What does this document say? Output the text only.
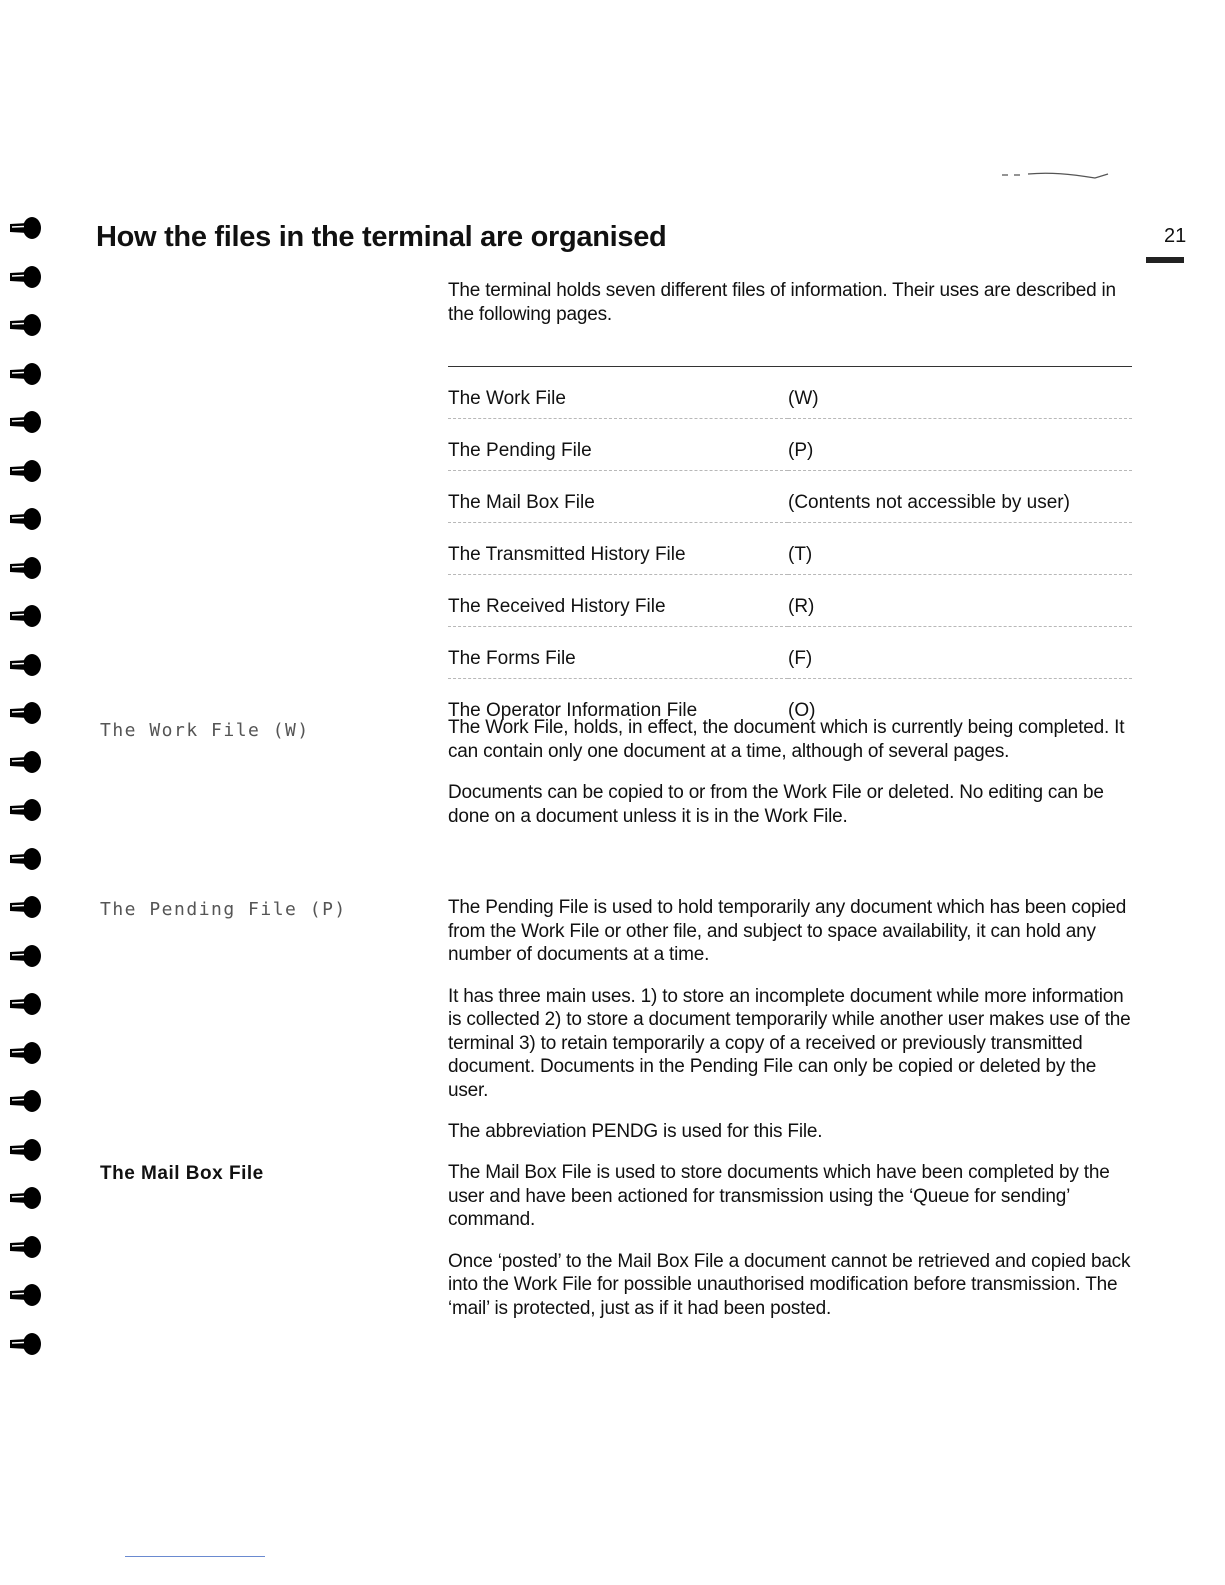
How the files in the terminal are organised	21

The terminal holds seven different files of information. Their uses are described in the following pages.

The Work File	(W)
The Pending File	(P)
The Mail Box File	(Contents not accessible by user)
The Transmitted History File	(T)
The Received History File	(R)
The Forms File	(F)
The Operator Information File	(O)
The Work File (W)	The Work File, holds, in effect, the document which is currently being completed. It can contain only one document at a time, although of several pages.

Documents can be copied to or from the Work File or deleted. No editing can be done on a document unless it is in the Work File.

The Pending File (P)	The Pending File is used to hold temporarily any document which has been copied from the Work File or other file, and subject to space availability, it can hold any number of documents at a time.

It has three main uses. 1) to store an incomplete document while more information is collected 2) to store a document temporarily while another user makes use of the terminal 3) to retain temporarily a copy of a received or previously transmitted document. Documents in the Pending File can only be copied or deleted by the user.

The abbreviation PENDG is used for this File.

The Mail Box File	The Mail Box File is used to store documents which have been completed by the user and have been actioned for transmission using the ‘Queue for sending’ command.

Once ‘posted’ to the Mail Box File a document cannot be retrieved and copied back into the Work File for possible unauthorised modification before transmission. The ‘mail’ is protected, just as if it had been posted.
